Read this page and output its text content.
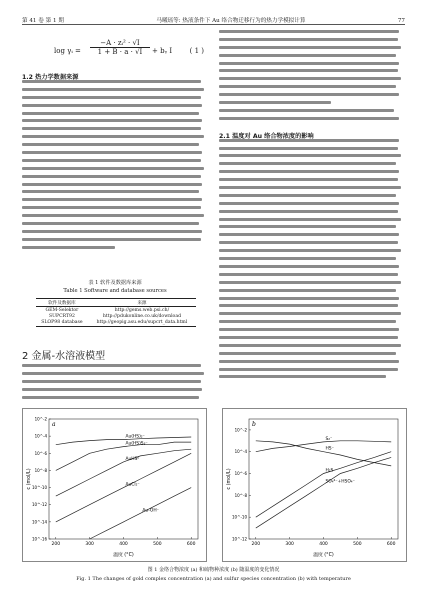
第 41 卷 第 1 期	马曦瑶等: 热液条件下 Au 络合物迁移行为的热力学模拟计算	77
log γᵢ = $\frac{\text{−A · zᵢ² · √I}}{1 + B \cdot a \cdot √I}$ + bᵧ I ( 1 )
1.2 热力学数据来源
表 1 软件及数据库来源
Table 1 Software and database sources
软件及数据库	来源
GEM-Selektor	http://gems.web.psi.ch/
SUPCRT92	http://pdukonline.co.uk/download
SLOP98 database	http://geopig.asu.edu/supcrt_data.html
2 金属-水溶液模型
2.1 温度对 Au 络合物浓度的影响
a
200	300	400	500	600
温度 (°C)
c (mol/L)
10^-16
10^-14
10^-12
10^-10
10^-8
10^-6
10^-4
10^-2
Au(HS)₂⁻
Au(HS)S₃⁻
AuHS⁰
AuCl₂⁻
Au-OH⁻
b
200	300	400	500	600
温度 (°C)
c (mol/L)
10^-12
10^-10
10^-8
10^-6
10^-4
10^-2
HS⁻
S₂⁻
SO₄²⁻+HSO₄⁻
H₂S
图 1 金络合物浓度 (a) 和硫物种浓度 (b) 随温度的变化情况
Fig. 1 The changes of gold complex concentration (a) and sulfur species concentration (b) with temperature
